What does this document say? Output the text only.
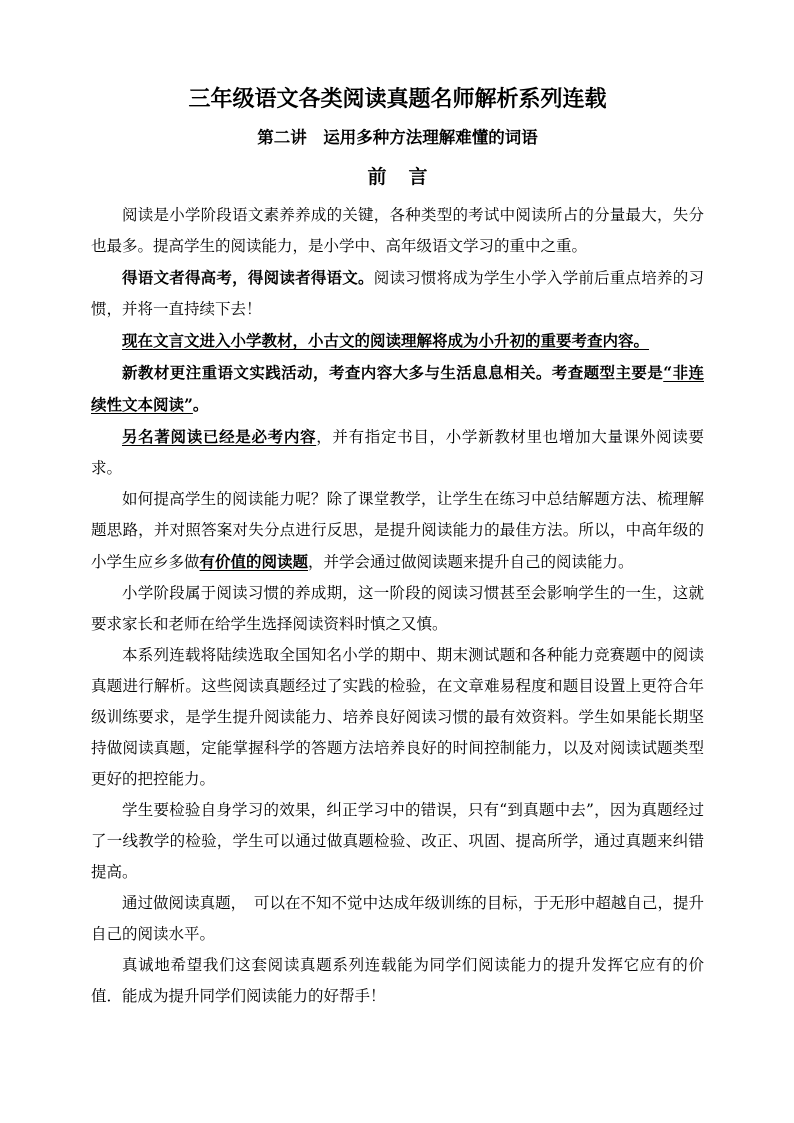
三年级语文各类阅读真题名师解析系列连载
第二讲　运用多种方法理解难懂的词语
前言

阅读是小学阶段语文素养养成的关键，各种类型的考试中阅读所占的分量最大，失分也最多。提高学生的阅读能力，是小学中、高年级语文学习的重中之重。

得语文者得高考，得阅读者得语文。阅读习惯将成为学生小学入学前后重点培养的习惯，并将一直持续下去！

现在文言文进入小学教材，小古文的阅读理解将成为小升初的重要考查内容。

新教材更注重语文实践活动，考查内容大多与生活息息相关。考查题型主要是“非连续性文本阅读”。

另名著阅读已经是必考内容，并有指定书目，小学新教材里也增加大量课外阅读要求。

如何提高学生的阅读能力呢？除了课堂教学，让学生在练习中总结解题方法、梳理解题思路，并对照答案对失分点进行反思，是提升阅读能力的最佳方法。所以，中高年级的小学生应乡多做有价值的阅读题，并学会通过做阅读题来提升自己的阅读能力。

小学阶段属于阅读习惯的养成期，这一阶段的阅读习惯甚至会影响学生的一生，这就要求家长和老师在给学生选择阅读资料时慎之又慎。

本系列连载将陆续选取全国知名小学的期中、期末测试题和各种能力竞赛题中的阅读真题进行解析。这些阅读真题经过了实践的检验，在文章难易程度和题目设置上更符合年级训练要求，是学生提升阅读能力、培养良好阅读习惯的最有效资料。学生如果能长期坚持做阅读真题，定能掌握科学的答题方法培养良好的时间控制能力，以及对阅读试题类型更好的把控能力。

学生要检验自身学习的效果，纠正学习中的错误，只有“到真题中去”，因为真题经过了一线教学的检验，学生可以通过做真题检验、改正、巩固、提高所学，通过真题来纠错提高。

通过做阅读真题，　可以在不知不觉中达成年级训练的目标，于无形中超越自己，提升自己的阅读水平。

真诚地希望我们这套阅读真题系列连载能为同学们阅读能力的提升发挥它应有的价值．能成为提升同学们阅读能力的好帮手！
